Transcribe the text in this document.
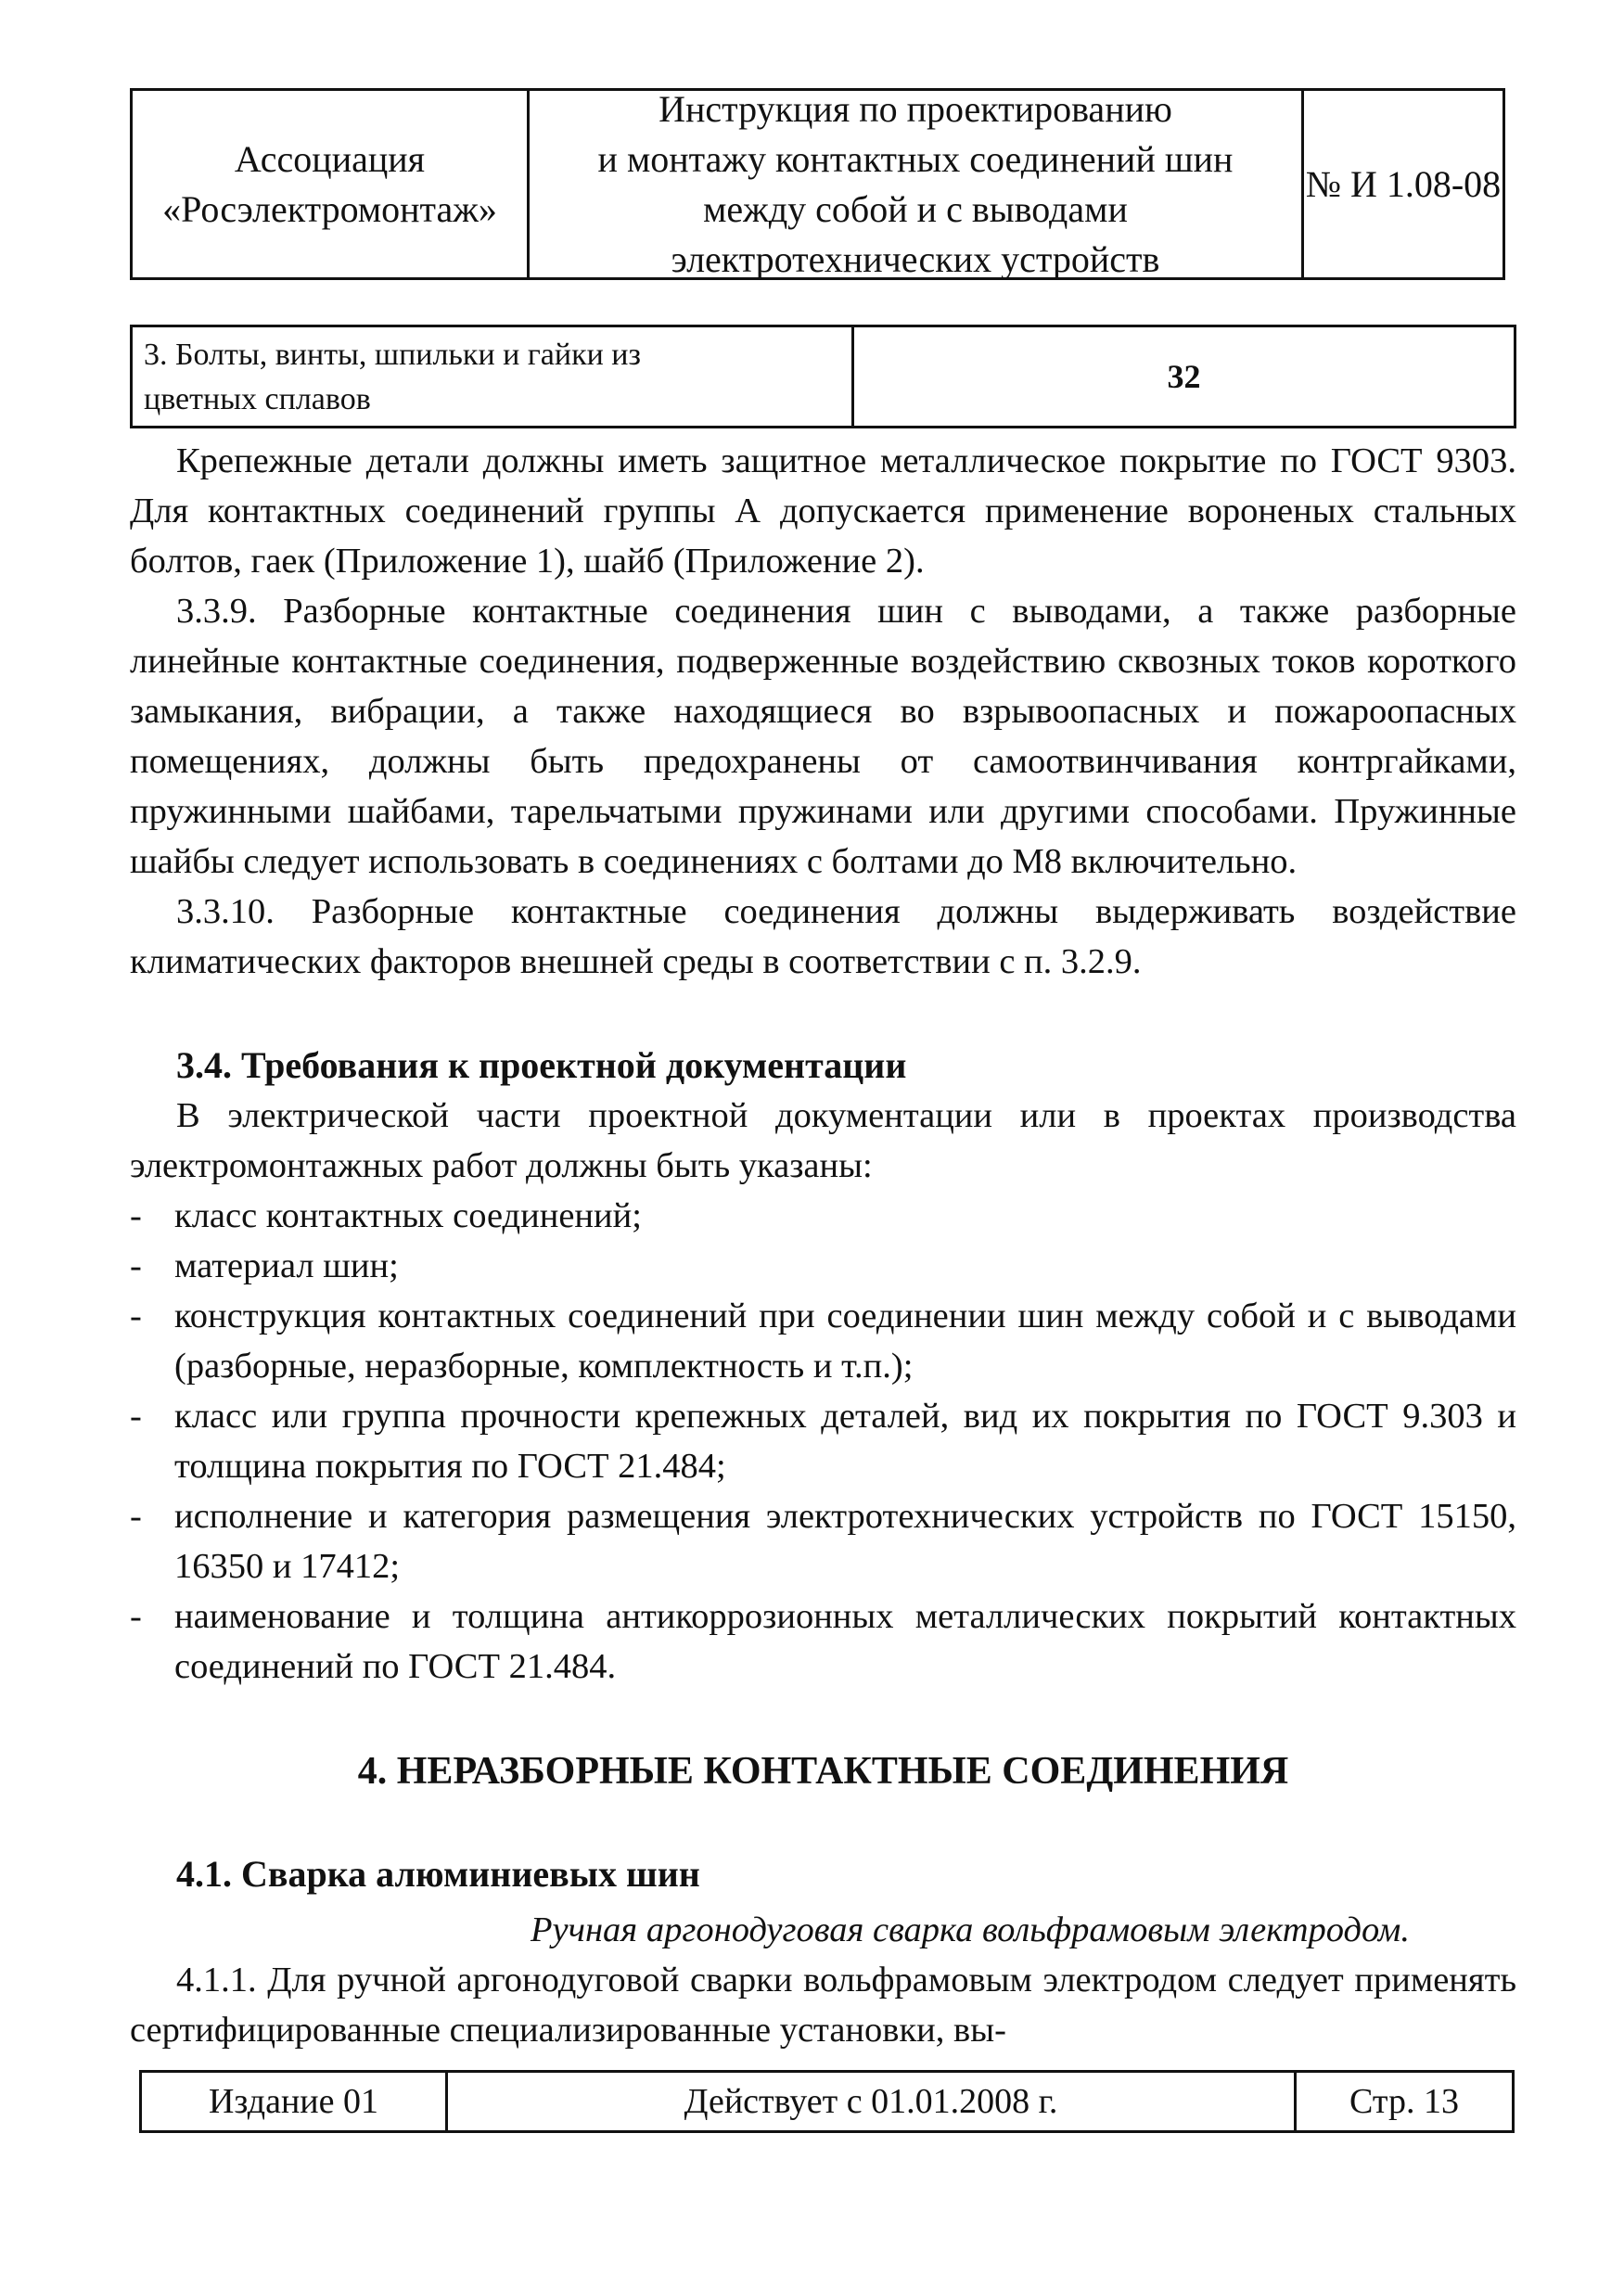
Ассоциация
«Росэлектромонтаж»
Инструкция по проектированию
и монтажу контактных соединений шин
между собой и с выводами
электротехнических устройств
№ И 1.08-08
3. Болты, винты, шпильки и гайки из
цветных сплавов
32

Крепежные детали должны иметь защитное металлическое покрытие по ГОСТ 9303. Для контактных соединений группы А допускается применение вороненых стальных болтов, гаек (Приложение 1), шайб (Приложение 2).

3.3.9. Разборные контактные соединения шин с выводами, а также разборные линейные контактные соединения, подверженные воздействию сквозных токов короткого замыкания, вибрации, а также находящиеся во взрывоопасных и пожароопасных помещениях, должны быть предохранены от самоотвинчивания контргайками, пружинными шайбами, тарельчатыми пружинами или другими способами. Пружинные шайбы следует использовать в соединениях с болтами до М8 включительно.

3.3.10. Разборные контактные соединения должны выдерживать воздействие климатических факторов внешней среды в соответствии с п. 3.2.9.

3.4. Требования к проектной документации

В электрической части проектной документации или в проектах производства электромонтажных работ должны быть указаны:

- класс контактных соединений;
- материал шин;
- конструкция контактных соединений при соединении шин между собой и с выводами (разборные, неразборные, комплектность и т.п.);
- класс или группа прочности крепежных деталей, вид их покрытия по ГОСТ 9.303 и толщина покрытия по ГОСТ 21.484;
- исполнение и категория размещения электротехнических устройств по ГОСТ 15150, 16350 и 17412;
- наименование и толщина антикоррозионных металлических покрытий контактных соединений по ГОСТ 21.484.
4. НЕРАЗБОРНЫЕ КОНТАКТНЫЕ СОЕДИНЕНИЯ
4.1. Сварка алюминиевых шин
Ручная аргонодуговая сварка вольфрамовым электродом.

4.1.1. Для ручной аргонодуговой сварки вольфрамовым электродом следует применять сертифицированные специализированные установки, вы-

Издание 01	Действует с 01.01.2008 г.	Стр. 13
